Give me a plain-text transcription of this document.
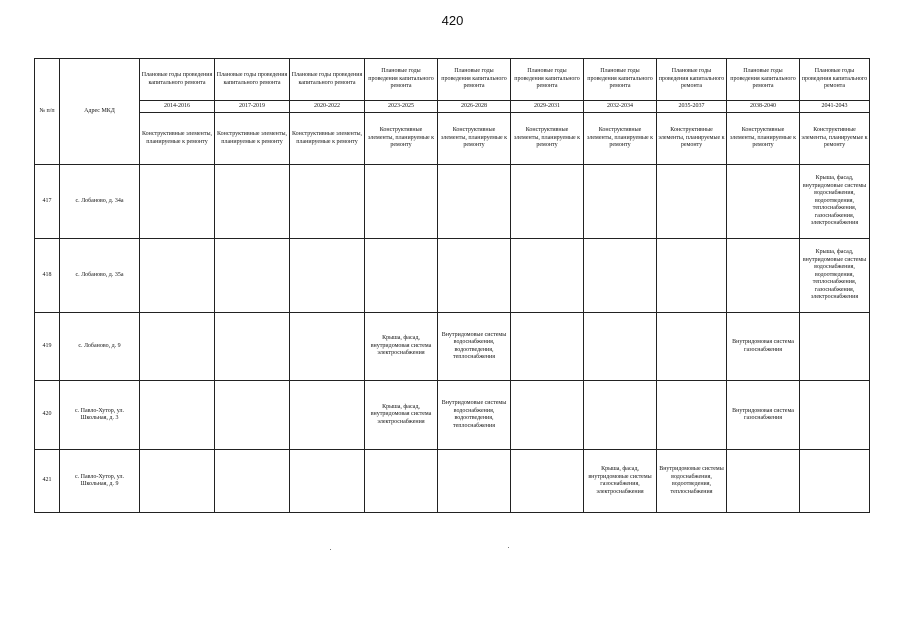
420
№ п/п	Адрес МКД	Плановые годы проведения капитального ремонта	Плановые годы проведения капитального ремонта	Плановые годы проведения капитального ремонта	Плановые годы проведения капитального ремонта	Плановые годы проведения капитального ремонта	Плановые годы проведения капитального ремонта	Плановые годы проведения капитального ремонта	Плановые годы проведения капитального ремонта	Плановые годы проведения капитального ремонта	Плановые годы проведения капитального ремонта
		2014-2016	2017-2019	2020-2022	2023-2025	2026-2028	2029-2031	2032-2034	2035-2037	2038-2040	2041-2043
		Конструктивные элементы, планируемые к ремонту	Конструктивные элементы, планируемые к ремонту	Конструктивные элементы, планируемые к ремонту	Конструктивные элементы, планируемые к ремонту	Конструктивные элементы, планируемые к ремонту	Конструктивные элементы, планируемые к ремонту	Конструктивные элементы, планируемые к ремонту	Конструктивные элементы, планируемые к ремонту	Конструктивные элементы, планируемые к ремонту	Конструктивные элементы, планируемые к ремонту
417	с. Лобаново, д. 34а										Крыша, фасад, внутридомовые системы водоснабжения, водоотведения, теплоснабжения, газоснабжения, электроснабжения
418	с. Лобаново, д. 35а										Крыша, фасад, внутридомовые системы водоснабжения, водоотведения, теплоснабжения, газоснабжения, электроснабжения
419	с. Лобаново, д. 9				Крыша, фасад, внутридомовая система электроснабжения	Внутридомовые системы водоснабжения, водоотведения, теплоснабжения				Внутридомовая система газоснабжения	
420	с. Павло-Хутор, ул. Школьная, д. 3				Крыша, фасад, внутридомовая система электроснабжения	Внутридомовые системы водоснабжения, водоотведения, теплоснабжения				Внутридомовая система газоснабжения	
421	с. Павло-Хутор, ул. Школьная, д. 9							Крыша, фасад, внутридомовые системы газоснабжения, электроснабжения	Внутридомовые системы водоснабжения, водоотведения, теплоснабжения		
